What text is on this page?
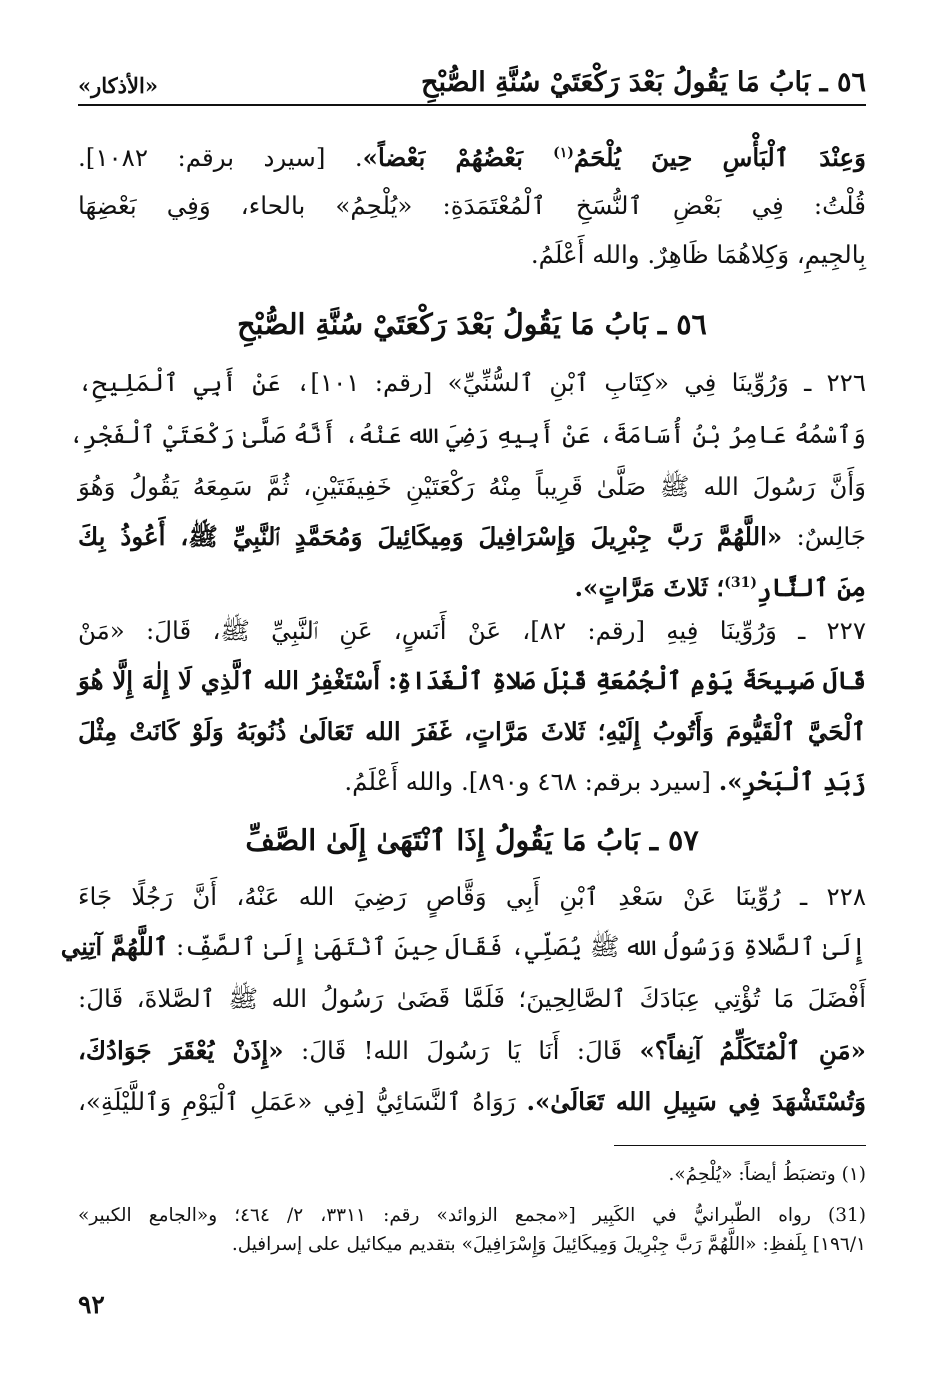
٥٦ ـ بَابُ مَا يَقُولُ بَعْدَ رَكْعَتَيْ سُنَّةِ الصُّبْحِ
«الأذكار»
وَعِنْدَ ٱلْبَأْسِ حِينَ يُلْحَمُ$^{(١)}$ بَعْضُهُمْ بَعْضاً». [سيرد برقم: ١٠٨٢].
قُلْتُ: فِي بَعْضِ ٱلنُّسَخِ ٱلْمُعْتَمَدَةِ: «يُلْحِمُ» بالحاء، وَفِي بَعْضِهَا
بِالجِيمِ، وَكِلاهُمَا ظَاهِرٌ. والله أَعْلَمُ.
٥٦ ـ بَابُ مَا يَقُولُ بَعْدَ رَكْعَتَيْ سُنَّةِ الصُّبْحِ
٢٢٦ ـ وَرُوِّينَا فِي «كِتَابِ ٱبْنِ ٱلسُّنِّيِّ» [رقم: ١٠١]، عَنْ أَبِي ٱلْمَلِيحِ،
وَٱسْمُهُ عَامِرُ بْنُ أُسَامَةَ، عَنْ أَبِيهِ رَضِيَ الله عَنْهُ، أَنَّهُ صَلَّىٰ رَكْعَتَيْ ٱلْفَجْرِ،
وَأَنَّ رَسُولَ الله ﷺ صَلَّىٰ قَرِيباً مِنْهُ رَكْعَتَيْنِ خَفِيفَتَيْنِ، ثُمَّ سَمِعَهُ يَقُولُ وَهُوَ
جَالِسٌ: «اللَّهُمَّ رَبَّ جِبْرِيلَ وَإِسْرَافِيلَ وَمِيكَائِيلَ وَمُحَمَّدٍ ٱلنَّبِيِّ ﷺ، أَعُوذُ بِكَ
مِنَ ٱلنَّارِ$^{(31)}$؛ ثَلاثَ مَرَّاتٍ».
٢٢٧ ـ وَرُوِّينَا فِيهِ [رقم: ٨٢]، عَنْ أَنَسٍ، عَنِ ٱلنَّبِيِّ ﷺ، قَالَ: «مَنْ
قَالَ صَبِيحَةَ يَوْمِ ٱلْجُمُعَةِ قَبْلَ صَلاةِ ٱلْغَدَاةِ: أَسْتَغْفِرُ الله ٱلَّذِي لَا إِلٰهَ إِلَّا هُوَ
ٱلْحَيَّ ٱلْقَيُّومَ وَأَتُوبُ إِلَيْهِ؛ ثَلاثَ مَرَّاتٍ، غَفَرَ الله تَعَالَىٰ ذُنُوبَهُ وَلَوْ كَانَتْ مِثْلَ
زَبَدِ ٱلْبَحْرِ». [سيرد برقم: ٤٦٨ و٨٩٠]. والله أَعْلَمُ.
٥٧ ـ بَابُ مَا يَقُولُ إِذَا ٱنْتَهَىٰ إِلَىٰ الصَّفِّ
٢٢٨ ـ رُوِّينَا عَنْ سَعْدِ ٱبْنِ أَبِي وَقَّاصٍ رَضِيَ الله عَنْهُ، أَنَّ رَجُلًا جَاءَ
إِلَىٰ ٱلصَّلاةِ وَرَسُولُ الله ﷺ يُصَلِّي، فَقَالَ حِينَ ٱنْتَهَىٰ إِلَىٰ ٱلصَّفِّ: ٱللَّهُمَّ آتِنِي
أَفْضَلَ مَا تُؤْتِي عِبَادَكَ ٱلصَّالِحِينَ؛ فَلَمَّا قَضَىٰ رَسُولُ الله ﷺ ٱلصَّلاةَ، قَالَ:
«مَنِ ٱلْمُتَكَلِّمُ آنِفاً؟» قَالَ: أَنَا يَا رَسُولَ الله! قَالَ: «إِذَنْ يُعْقَرَ جَوَادُكَ،
وَتُسْتَشْهَدَ فِي سَبِيلِ الله تَعَالَىٰ». رَوَاهُ ٱلنَّسَائِيُّ [فِي «عَمَلِ ٱلْيَوْمِ وَٱللَّيْلَةِ»،
(١) وتضبَطُ أيضاً: «يُلْحِمُ».
(31) رواه الطّبرانيُّ في الكَبِير [«مجمع الزوائد» رقم: ٣٣١١، ٢/ ٤٦٤؛ و«الجامع الكبير»
١٩٦/١] بِلَفظِ: «اللَّهُمَّ رَبَّ جِبْرِيلَ وَمِيكَائِيلَ وَإِسْرَافِيلَ» بتقديم ميكائيل على إسرافيل.
٩٢
